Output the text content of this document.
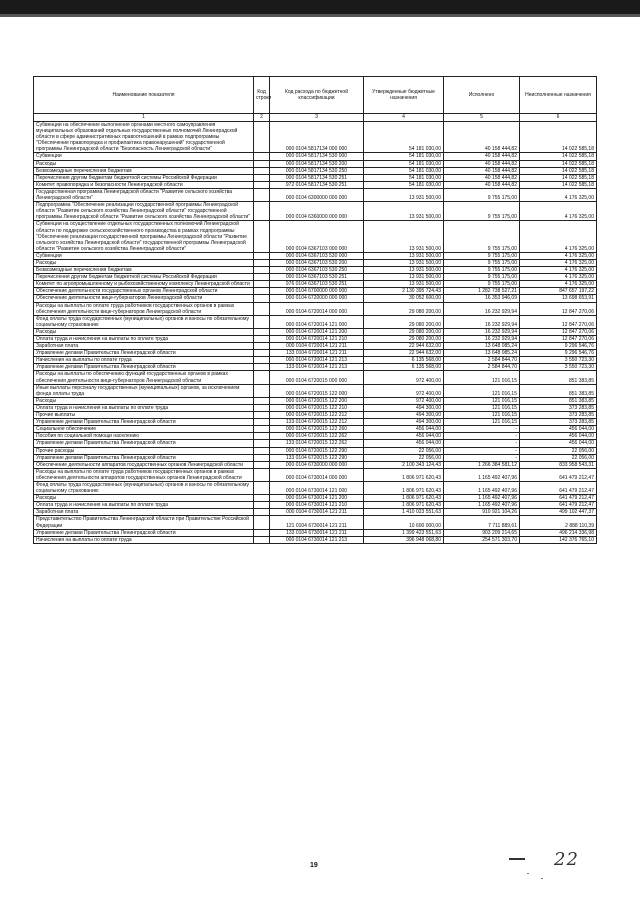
Наименование показателя	Код строки	Код расхода по бюджетной классификации	Утвержденные бюджетные назначения	Исполнено	Неисполненные назначения
1	2	3	4	5	6
Субвенции на обеспечение выполнения органами местного самоуправления муниципальных образований отдельных государственных полномочий Ленинградской области в сфере административных правоотношений в рамках подпрограммы "Обеспечение правопорядка и профилактика правонарушений" государственной программы Ленинградской области "Безопасность Ленинградской области"		000 0104 5817134 000 000	54 181 030,00	40 158 444,82	14 022 585,18
Субвенции		000 0104 5817134 530 000	54 181 030,00	40 158 444,82	14 022 585,18
Расходы		000 0104 5817134 530 200	54 181 030,00	40 158 444,82	14 022 585,18
Безвозмездные перечисления бюджетам		000 0104 5817134 530 250	54 181 030,00	40 158 444,82	14 022 585,18
Перечисления другим бюджетам бюджетной системы Российской Федерации		000 0104 5817134 530 251	54 181 030,00	40 158 444,82	14 022 585,18
Комитет правопорядка и безопасности Ленинградской области		972 0104 5817134 530 251	54 181 030,00	40 158 444,82	14 022 585,18
Государственная программа Ленинградской области "Развитие сельского хозяйства Ленинградской области"		000 0104 6300000 000 000	13 931 500,00	9 755 175,00	4 176 325,00
Подпрограмма "Обеспечение реализации государственной программы Ленинградской области "Развитие сельского хозяйства Ленинградской области" государственной программы Ленинградской области "Развитие сельского хозяйства Ленинградской области"		000 0104 6360000 000 000	13 931 500,00	9 755 175,00	4 176 325,00
Субвенции на осуществление отдельных государственных полномочий Ленинградской области по поддержке сельскохозяйственного производства в рамках подпрограммы "Обеспечение реализации государственной программы Ленинградской области "Развитие сельского хозяйства Ленинградской области" государственной программы Ленинградской области "Развитие сельского хозяйства Ленинградской области"		000 0104 6367103 000 000	13 931 500,00	9 755 175,00	4 176 325,00
Субвенции		000 0104 6367103 530 000	13 931 500,00	9 755 175,00	4 176 325,00
Расходы		000 0104 6367103 530 200	13 931 500,00	9 755 175,00	4 176 325,00
Безвозмездные перечисления бюджетам		000 0104 6367103 530 250	13 931 500,00	9 755 175,00	4 176 325,00
Перечисления другим бюджетам бюджетной системы Российской Федерации		000 0104 6367103 530 251	13 931 500,00	9 755 175,00	4 176 325,00
Комитет по агропромышленному и рыбохозяйственному комплексу Ленинградской области		976 0104 6367103 530 251	13 931 500,00	9 755 175,00	4 176 325,00
Обеспечение деятельности государственных органов Ленинградской области		000 0104 6700000 000 000	2 130 395 724,43	1 282 738 527,21	847 657 197,22
Обеспечение деятельности вице-губернаторов Ленинградской области		000 0104 6720000 000 000	30 052 600,00	16 353 946,09	13 698 653,91
Расходы на выплаты по оплате труда работников государственных органов в рамках обеспечения деятельности вице-губернаторов Ленинградской области		000 0104 6720014 000 000	29 080 200,00	16 232 929,94	12 847 270,06
Фонд оплаты труда государственных (муниципальных) органов и взносы по обязательному социальному страхованию		000 0104 6720014 121 000	29 080 200,00	16 232 929,94	12 847 270,06
Расходы		000 0104 6720014 121 200	29 080 200,00	16 232 929,94	12 847 270,06
Оплата труда и начисления на выплаты по оплате труда		000 0104 6720014 121 210	29 080 200,00	16 232 929,94	12 847 270,06
Заработная плата		000 0104 6720014 121 211	22 944 632,00	13 648 085,24	9 296 546,76
Управление делами Правительства Ленинградской области		133 0104 6720014 121 211	22 944 632,00	13 648 085,24	9 296 546,76
Начисления на выплаты по оплате труда		000 0104 6720014 121 213	6 135 568,00	2 584 844,70	3 550 723,30
Управление делами Правительства Ленинградской области		133 0104 6720014 121 213	6 135 568,00	2 584 844,70	3 550 723,30
Расходы на выплаты по обеспечению функций государственных органов в рамках обеспечения деятельности вице-губернаторов Ленинградской области		000 0104 6720015 000 000	972 400,00	121 016,15	851 383,85
Иные выплаты персоналу государственных (муниципальных) органов, за исключением фонда оплаты труда		000 0104 6720015 122 000	972 400,00	121 016,15	851 383,85
Расходы		000 0104 6720015 122 200	972 400,00	121 016,15	851 383,85
Оплата труда и начисления на выплаты по оплате труда		000 0104 6720015 122 210	494 300,00	121 016,15	373 283,85
Прочие выплаты		000 0104 6720015 122 212	494 300,00	121 016,15	373 283,85
Управление делами Правительства Ленинградской области		133 0104 6720015 122 212	494 300,00	121 016,15	373 283,85
Социальное обеспечение		000 0104 6720015 122 260	456 044,00	-	456 044,00
Пособия по социальной помощи населению		000 0104 6720015 122 262	456 044,00	-	456 044,00
Управление делами Правительства Ленинградской области		133 0104 6720015 122 262	456 044,00	-	456 044,00
Прочие расходы		000 0104 6720015 122 290	22 056,00	-	22 056,00
Управление делами Правительства Ленинградской области		133 0104 6720015 122 290	22 056,00	-	22 056,00
Обеспечение деятельности аппаратов государственных органов Ленинградской области		000 0104 6730000 000 000	2 100 343 124,43	1 266 384 581,12	833 958 543,31
Расходы на выплаты по оплате труда работников государственных органов в рамках обеспечения деятельности аппаратов государственных органов Ленинградской области		000 0104 6730014 000 000	1 806 971 620,43	1 165 492 407,96	641 479 212,47
Фонд оплаты труда государственных (муниципальных) органов и взносы по обязательному социальному страхованию		000 0104 6730014 121 000	1 806 971 620,43	1 165 492 407,96	641 479 212,47
Расходы		000 0104 6730014 121 200	1 806 971 620,43	1 165 492 407,96	641 479 212,47
Оплата труда и начисления на выплаты по оплате труда		000 0104 6730014 121 210	1 806 971 620,43	1 165 492 407,96	641 479 212,47
Заработная плата		000 0104 6730014 121 211	1 410 023 551,63	910 921 104,26	499 102 447,37
Представительство Правительства Ленинградской области при Правительстве Российской Федерации		121 0104 6730014 121 211	10 600 000,00	7 711 889,61	2 888 110,39
Управление делами Правительства Ленинградской области		133 0104 6730014 121 211	1 399 423 551,63	903 209 214,65	496 214 336,98
Начисления на выплаты по оплате труда		000 0104 6730014 121 213	396 948 068,80	254 571 303,70	142 376 765,10
19	22
